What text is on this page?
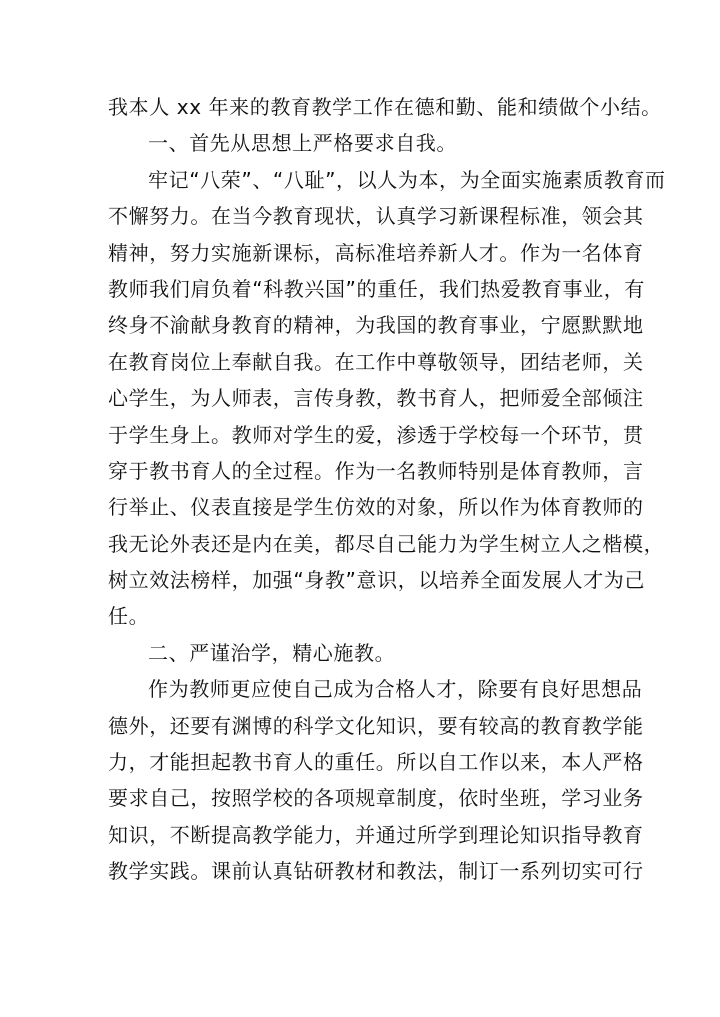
我本人 xx 年来的教育教学工作在德和勤、能和绩做个小结。
一、首先从思想上严格要求自我。
牢记“八荣”、“八耻”，以人为本，为全面实施素质教育而
不懈努力。在当今教育现状，认真学习新课程标准，领会其
精神，努力实施新课标，高标准培养新人才。作为一名体育
教师我们肩负着“科教兴国”的重任，我们热爱教育事业，有
终身不渝献身教育的精神，为我国的教育事业，宁愿默默地
在教育岗位上奉献自我。在工作中尊敬领导，团结老师，关
心学生，为人师表，言传身教，教书育人，把师爱全部倾注
于学生身上。教师对学生的爱，渗透于学校每一个环节，贯
穿于教书育人的全过程。作为一名教师特别是体育教师，言
行举止、仪表直接是学生仿效的对象，所以作为体育教师的
我无论外表还是内在美，都尽自己能力为学生树立人之楷模，
树立效法榜样，加强“身教”意识，以培养全面发展人才为己
任。
二、严谨治学，精心施教。
作为教师更应使自己成为合格人才，除要有良好思想品
德外，还要有渊博的科学文化知识，要有较高的教育教学能
力，才能担起教书育人的重任。所以自工作以来，本人严格
要求自己，按照学校的各项规章制度，依时坐班，学习业务
知识，不断提高教学能力，并通过所学到理论知识指导教育
教学实践。课前认真钻研教材和教法，制订一系列切实可行
